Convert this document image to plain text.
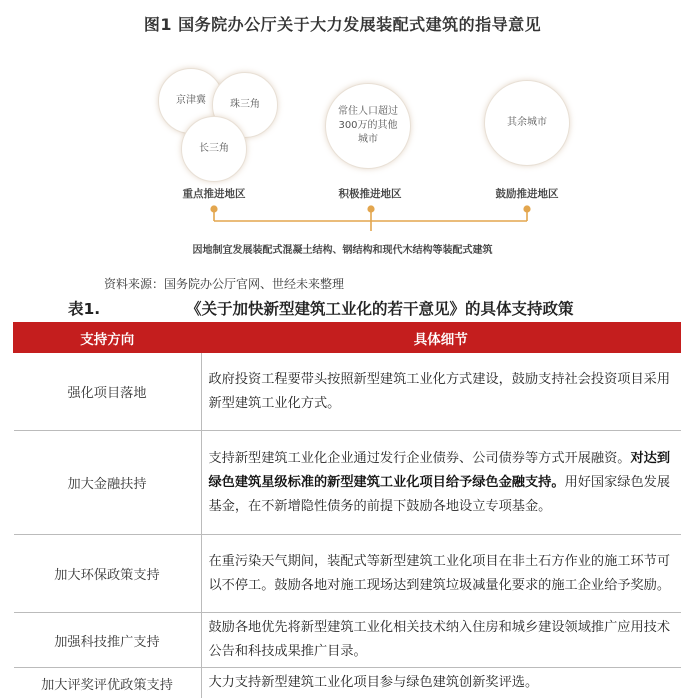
图1 国务院办公厅关于大力发展装配式建筑的指导意见
京津冀 珠三角
长三角
常住人口超过300万的其他城市
其余城市
重点推进地区	积极推进地区	鼓励推进地区
因地制宜发展装配式混凝土结构、钢结构和现代木结构等装配式建筑
资料来源：国务院办公厅官网、世经未来整理
表1.	《关于加快新型建筑工业化的若干意见》的具体支持政策
支持方向	具体细节
强化项目落地	政府投资工程要带头按照新型建筑工业化方式建设，鼓励支持社会投资项目采用新型建筑工业化方式。
加大金融扶持	支持新型建筑工业化企业通过发行企业债券、公司债券等方式开展融资。对达到绿色建筑星级标准的新型建筑工业化项目给予绿色金融支持。用好国家绿色发展基金，在不新增隐性债务的前提下鼓励各地设立专项基金。
加大环保政策支持	在重污染天气期间，装配式等新型建筑工业化项目在非土石方作业的施工环节可以不停工。鼓励各地对施工现场达到建筑垃圾减量化要求的施工企业给予奖励。
加强科技推广支持	鼓励各地优先将新型建筑工业化相关技术纳入住房和城乡建设领域推广应用技术公告和科技成果推广目录。
加大评奖评优政策支持	大力支持新型建筑工业化项目参与绿色建筑创新奖评选。
